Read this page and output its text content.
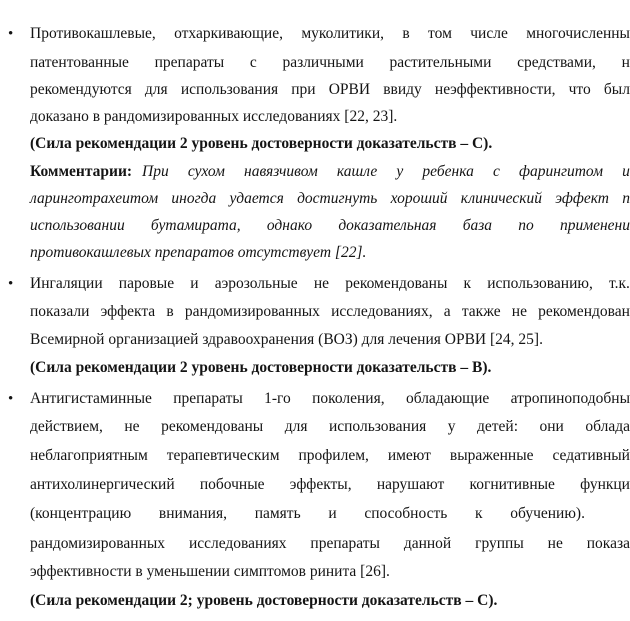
• Противокашлевые, отхаркивающие, муколитики, в том числе многочисленны
патентованные препараты с различными растительными средствами, н
рекомендуются для использования при ОРВИ ввиду неэффективности, что был
доказано в рандомизированных исследованиях [22, 23].
(Сила рекомендации 2 уровень достоверности доказательств – С).
Комментарии: При сухом навязчивом кашле у ребенка с фарингитом и
ларинготрахеитом иногда удается достигнуть хороший клинический эффект п
использовании бутамирата, однако доказательная база по применени
противокашлевых препаратов отсутствует [22].
• Ингаляции паровые и аэрозольные не рекомендованы к использованию, т.к.
показали эффекта в рандомизированных исследованиях, а также не рекомендован
Всемирной организацией здравоохранения (ВОЗ) для лечения ОРВИ [24, 25].
(Сила рекомендации 2 уровень достоверности доказательств – B).
• Антигистаминные препараты 1-го поколения, обладающие атропиноподобны
действием, не рекомендованы для использования у детей: они облада
неблагоприятным терапевтическим профилем, имеют выраженные седативный
антихолинергический побочные эффекты, нарушают когнитивные функци
(концентрацию внимания, память и способность к обучению).
рандомизированных исследованиях препараты данной группы не показа
эффективности в уменьшении симптомов ринита [26].
(Сила рекомендации 2; уровень достоверности доказательств – С).
